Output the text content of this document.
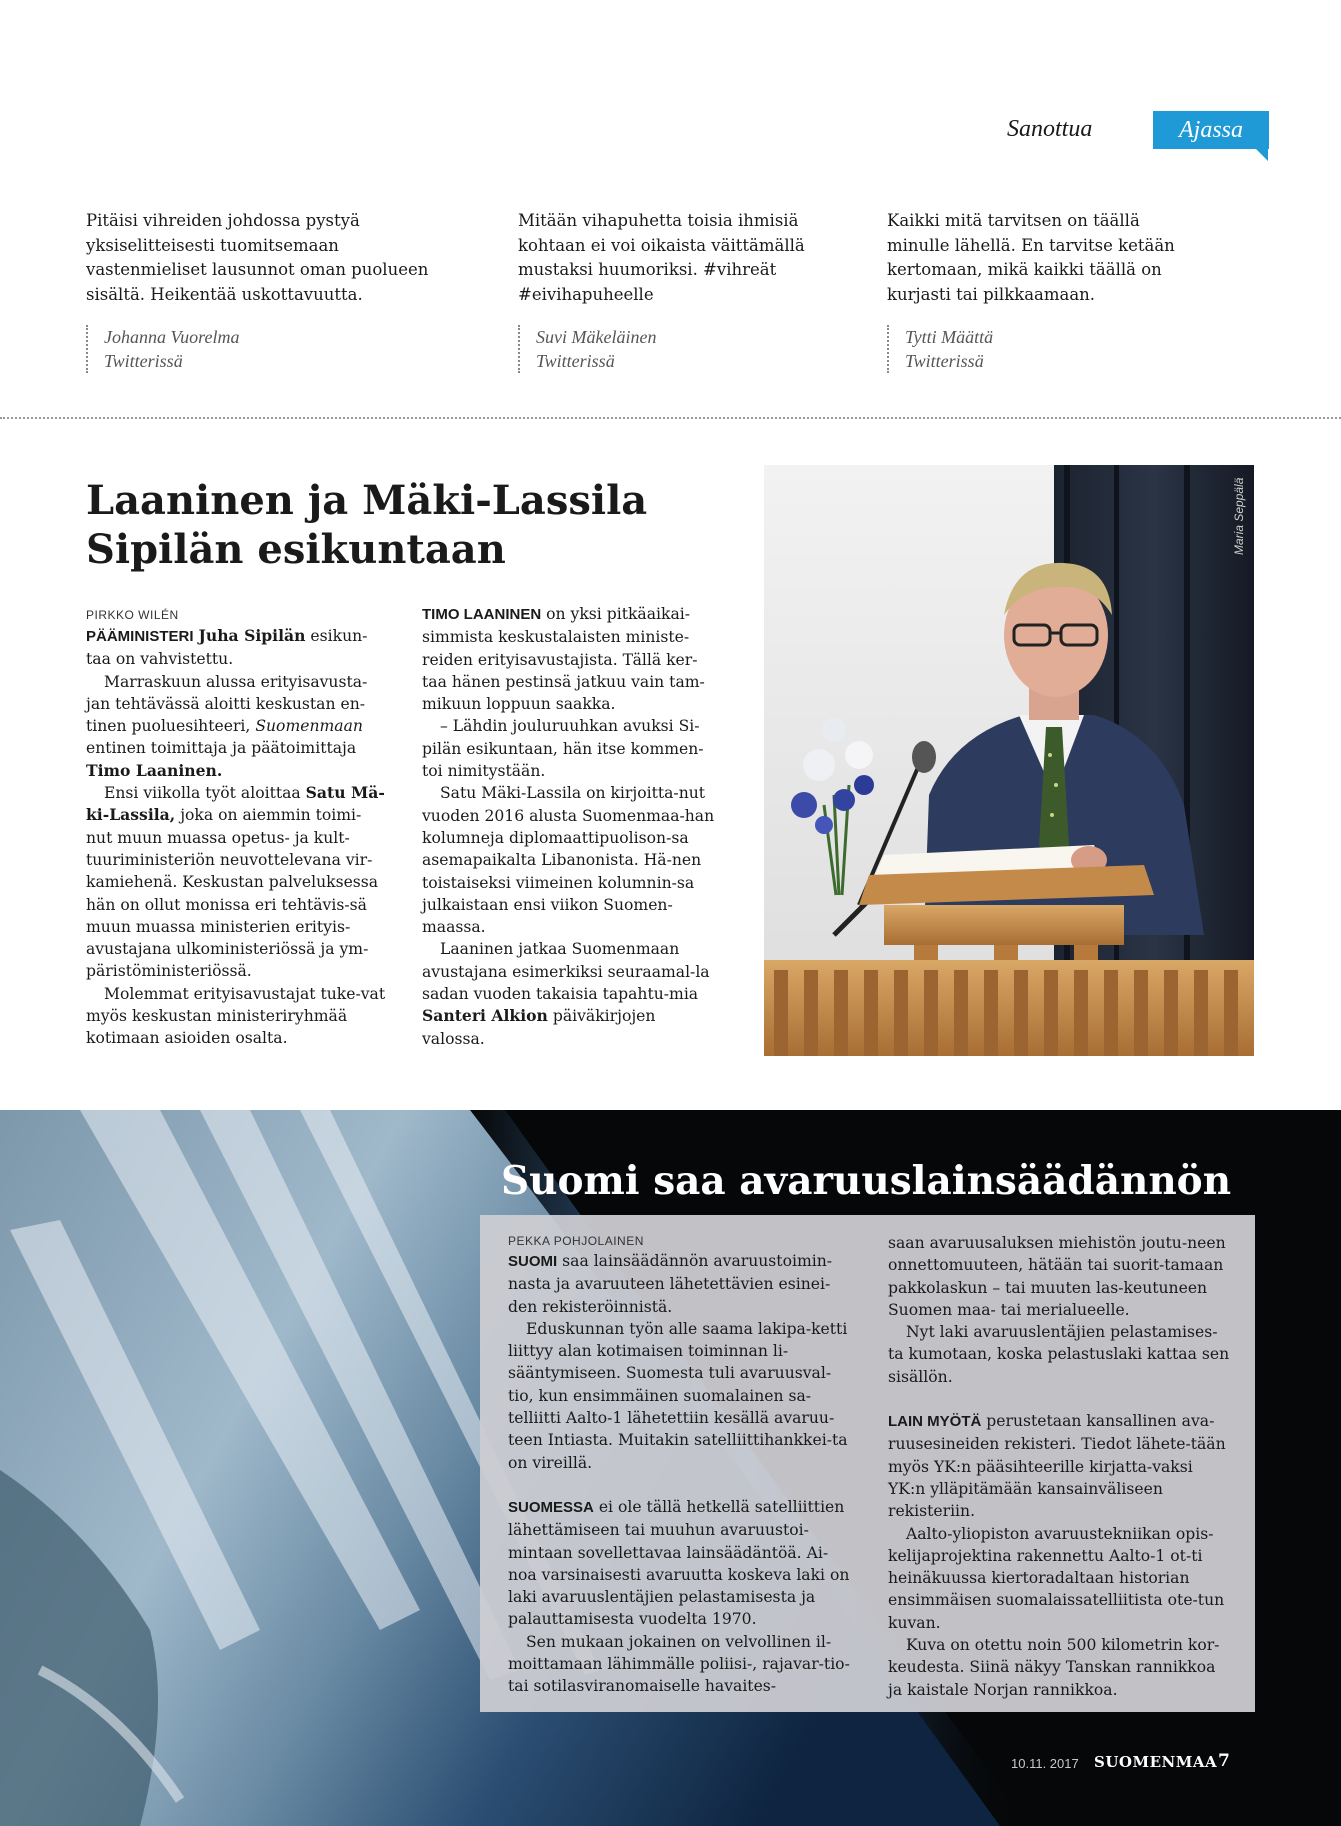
Sanottua	Ajassa
Pitäisi vihreiden johdossa pystyä
yksiselitteisesti tuomitsemaan
vastenmieliset lausunnot oman puolueen
sisältä. Heikentää uskottavuutta.
Johanna Vuorelma
Twitterissä
Mitään vihapuhetta toisia ihmisiä
kohtaan ei voi oikaista väittämällä
mustaksi huumoriksi. #vihreät
#eivihapuheelle
Suvi Mäkeläinen
Twitterissä
Kaikki mitä tarvitsen on täällä
minulle lähellä. En tarvitse ketään
kertomaan, mikä kaikki täällä on
kurjasti tai pilkkaamaan.
Tytti Määttä
Twitterissä
Laaninen ja Mäki-Lassila
Sipilän esikuntaan
PIRKKO WILÉN

PÄÄMINISTERI Juha Sipilän esikun-taa on vahvistettu.

Marraskuun alussa erityisavusta-jan tehtävässä aloitti keskustan en-tinen puoluesihteeri, Suomenmaan entinen toimittaja ja päätoimittaja Timo Laaninen.

Ensi viikolla työt aloittaa Satu Mä-ki-Lassila, joka on aiemmin toimi-nut muun muassa opetus- ja kult-tuuriministeriön neuvottelevana vir-kamiehenä. Keskustan palveluksessa hän on ollut monissa eri tehtävis-sä muun muassa ministerien erityis-avustajana ulkoministeriössä ja ym-päristöministeriössä.

Molemmat erityisavustajat tuke-vat myös keskustan ministeriryhmää kotimaan asioiden osalta.

TIMO LAANINEN on yksi pitkäaikai-simmista keskustalaisten ministe-reiden erityisavustajista. Tällä ker-taa hänen pestinsä jatkuu vain tam-mikuun loppuun saakka.

– Lähdin jouluruuhkan avuksi Si-pilän esikuntaan, hän itse kommen-toi nimitystään.

Satu Mäki-Lassila on kirjoitta-nut vuoden 2016 alusta Suomenmaa-han kolumneja diplomaattipuolison-sa asemapaikalta Libanonista. Hä-nen toistaiseksi viimeinen kolumnin-sa julkaistaan ensi viikon Suomen-maassa.

Laaninen jatkaa Suomenmaan avustajana esimerkiksi seuraamal-la sadan vuoden takaisia tapahtu-mia Santeri Alkion päiväkirjojen valossa.

Maria Seppälä
Suomi saa avaruuslainsäädännön
PEKKA POHJOLAINEN

SUOMI saa lainsäädännön avaruustoimin-nasta ja avaruuteen lähetettävien esinei-den rekisteröinnistä.

Eduskunnan työn alle saama lakipa-ketti liittyy alan kotimaisen toiminnan li-sääntymiseen. Suomesta tuli avaruusval-tio, kun ensimmäinen suomalainen sa-telliitti Aalto-1 lähetettiin kesällä avaruu-teen Intiasta. Muitakin satelliittihankkei-ta on vireillä.

SUOMESSA ei ole tällä hetkellä satelliittien lähettämiseen tai muuhun avaruustoi-mintaan sovellettavaa lainsäädäntöä. Ai-noa varsinaisesti avaruutta koskeva laki on laki avaruuslentäjien pelastamisesta ja palauttamisesta vuodelta 1970.

Sen mukaan jokainen on velvollinen il-moittamaan lähimmälle poliisi-, rajavar-tio- tai sotilasviranomaiselle havaites-

saan avaruusaluksen miehistön joutu-neen onnettomuuteen, hätään tai suorit-tamaan pakkolaskun – tai muuten las-keutuneen Suomen maa- tai merialueelle.

Nyt laki avaruuslentäjien pelastamises-ta kumotaan, koska pelastuslaki kattaa sen sisällön.

LAIN MYÖTÄ perustetaan kansallinen ava-ruusesineiden rekisteri. Tiedot lähete-tään myös YK:n pääsihteerille kirjatta-vaksi YK:n ylläpitämään kansainväliseen rekisteriin.

Aalto-yliopiston avaruustekniikan opis-kelijaprojektina rakennettu Aalto-1 ot-ti heinäkuussa kiertoradaltaan historian ensimmäisen suomalaissatelliitista ote-tun kuvan.

Kuva on otettu noin 500 kilometrin kor-keudesta. Siinä näkyy Tanskan rannikkoa ja kaistale Norjan rannikkoa.

10.11. 2017 SUOMENMAA 7
